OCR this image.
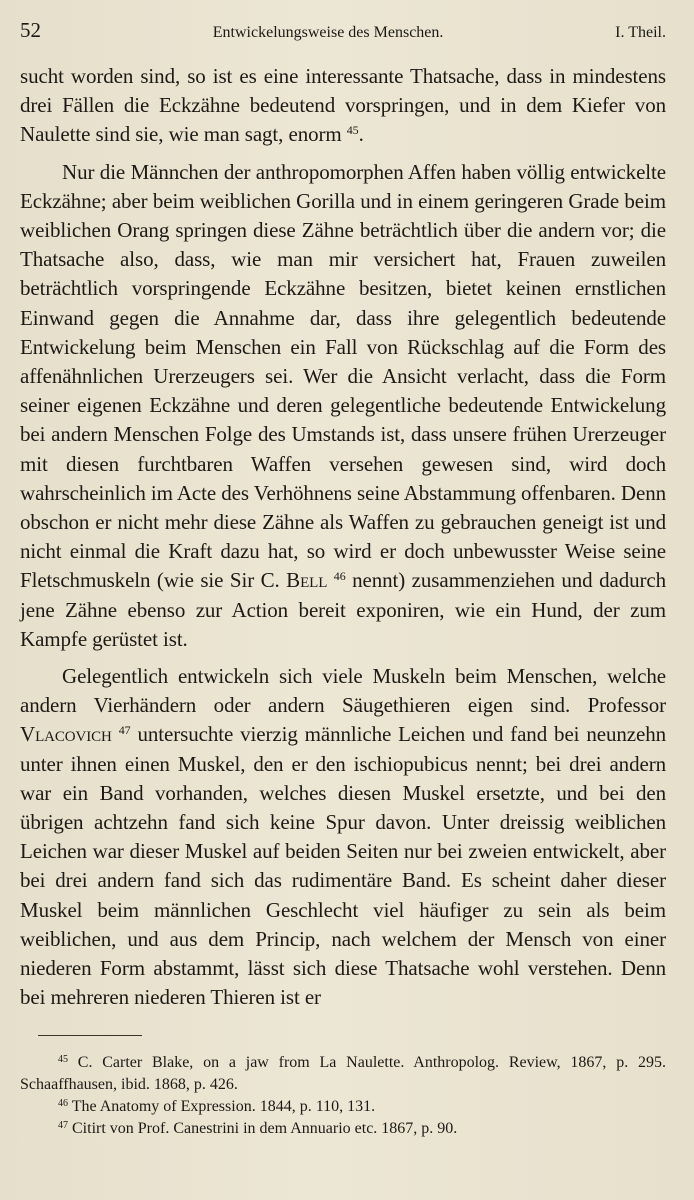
52	Entwickelungsweise des Menschen.	I. Theil.

sucht worden sind, so ist es eine interessante Thatsache, dass in mindestens drei Fällen die Eckzähne bedeutend vorspringen, und in dem Kiefer von Naulette sind sie, wie man sagt, enorm $^{45}$.

Nur die Männchen der anthropomorphen Affen haben völlig entwickelte Eckzähne; aber beim weiblichen Gorilla und in einem geringeren Grade beim weiblichen Orang springen diese Zähne beträchtlich über die andern vor; die Thatsache also, dass, wie man mir versichert hat, Frauen zuweilen beträchtlich vorspringende Eckzähne besitzen, bietet keinen ernstlichen Einwand gegen die Annahme dar, dass ihre gelegentlich bedeutende Entwickelung beim Menschen ein Fall von Rückschlag auf die Form des affenähnlichen Urerzeugers sei. Wer die Ansicht verlacht, dass die Form seiner eigenen Eckzähne und deren gelegentliche bedeutende Entwickelung bei andern Menschen Folge des Umstands ist, dass unsere frühen Urerzeuger mit diesen furchtbaren Waffen versehen gewesen sind, wird doch wahrscheinlich im Acte des Verhöhnens seine Abstammung offenbaren. Denn obschon er nicht mehr diese Zähne als Waffen zu gebrauchen geneigt ist und nicht einmal die Kraft dazu hat, so wird er doch unbewusster Weise seine Fletschmuskeln (wie sie Sir C. Bell $^{46}$ nennt) zusammenziehen und dadurch jene Zähne ebenso zur Action bereit exponiren, wie ein Hund, der zum Kampfe gerüstet ist.

Gelegentlich entwickeln sich viele Muskeln beim Menschen, welche andern Vierhändern oder andern Säugethieren eigen sind. Professor Vlacovich $^{47}$ untersuchte vierzig männliche Leichen und fand bei neunzehn unter ihnen einen Muskel, den er den ischiopubicus nennt; bei drei andern war ein Band vorhanden, welches diesen Muskel ersetzte, und bei den übrigen achtzehn fand sich keine Spur davon. Unter dreissig weiblichen Leichen war dieser Muskel auf beiden Seiten nur bei zweien entwickelt, aber bei drei andern fand sich das rudimentäre Band. Es scheint daher dieser Muskel beim männlichen Geschlecht viel häufiger zu sein als beim weiblichen, und aus dem Princip, nach welchem der Mensch von einer niederen Form abstammt, lässt sich diese Thatsache wohl verstehen. Denn bei mehreren niederen Thieren ist er

$^{45}$ C. Carter Blake, on a jaw from La Naulette. Anthropolog. Review, 1867, p. 295. Schaaffhausen, ibid. 1868, p. 426.

$^{46}$ The Anatomy of Expression. 1844, p. 110, 131.

$^{47}$ Citirt von Prof. Canestrini in dem Annuario etc. 1867, p. 90.
